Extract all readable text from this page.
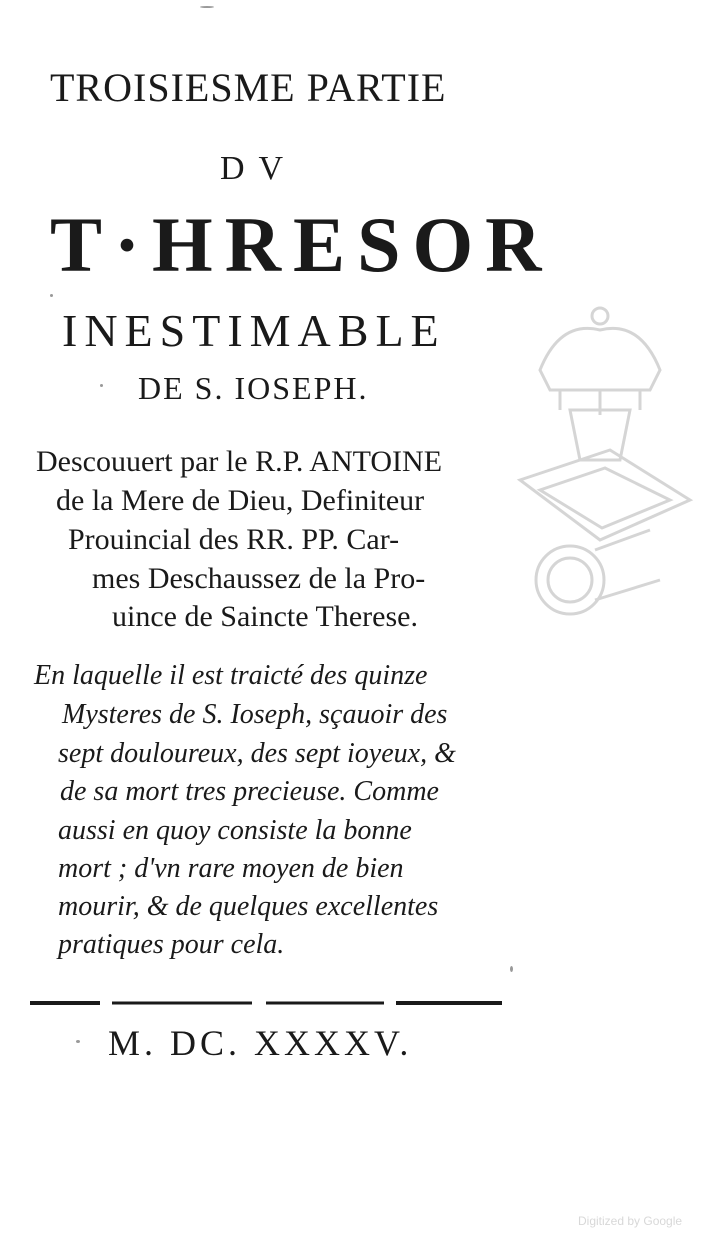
TROISIESME PARTIE

DV

T·HRESOR

INESTIMABLE

DE S. IOSEPH.

Descouuert par le R.P. ANTOINE

de la Mere de Dieu, Definiteur

Prouincial des RR. PP. Car-

mes Deschaussez de la Pro-

uince de Saincte Therese.

En laquelle il est traicté des quinze

Mysteres de S. Ioseph, sçauoir des

sept douloureux, des sept ioyeux, &

de sa mort tres precieuse. Comme

aussi en quoy consiste la bonne

mort ; d'vn rare moyen de bien

mourir, & de quelques excellentes

pratiques pour cela.

M. DC. XXXXV.

Digitized by Google
